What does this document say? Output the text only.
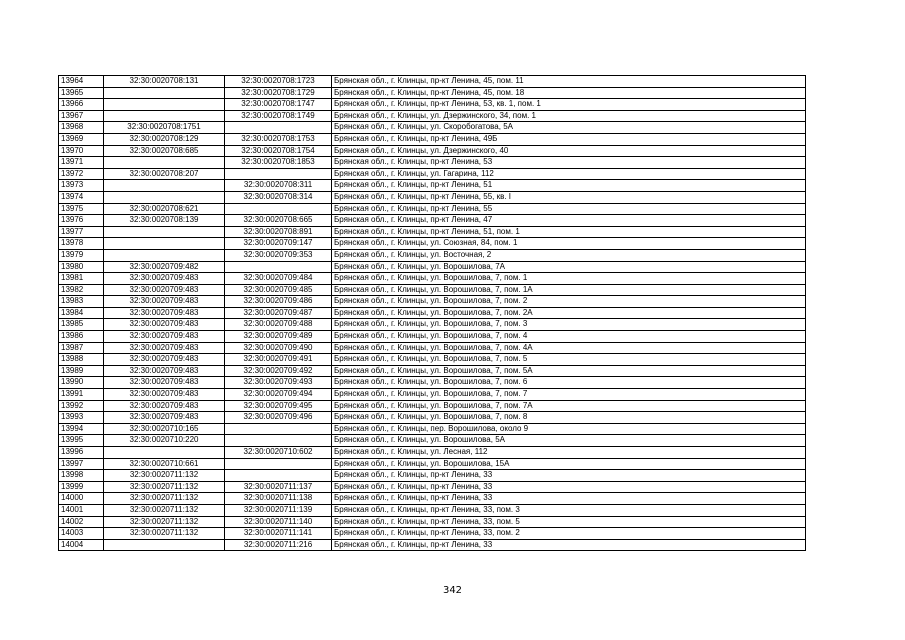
13964	32:30:0020708:131	32:30:0020708:1723	Брянская обл., г. Клинцы, пр-кт Ленина, 45, пом. 11
13965		32:30:0020708:1729	Брянская обл., г. Клинцы, пр-кт Ленина, 45, пом. 18
13966		32:30:0020708:1747	Брянская обл., г. Клинцы, пр-кт Ленина, 53, кв. 1, пом. 1
13967		32:30:0020708:1749	Брянская обл., г. Клинцы, ул. Дзержинского, 34, пом. 1
13968	32:30:0020708:1751		Брянская обл., г. Клинцы, ул. Скоробогатова, 5А
13969	32:30:0020708:129	32:30:0020708:1753	Брянская обл., г. Клинцы, пр-кт Ленина, 49Б
13970	32:30:0020708:685	32:30:0020708:1754	Брянская обл., г. Клинцы, ул. Дзержинского, 40
13971		32:30:0020708:1853	Брянская обл., г. Клинцы, пр-кт Ленина, 53
13972	32:30:0020708:207		Брянская обл., г. Клинцы, ул. Гагарина, 112
13973		32:30:0020708:311	Брянская обл., г. Клинцы, пр-кт Ленина, 51
13974		32:30:0020708:314	Брянская обл., г. Клинцы, пр-кт Ленина, 55, кв. I
13975	32:30:0020708:621		Брянская обл., г. Клинцы, пр-кт Ленина, 55
13976	32:30:0020708:139	32:30:0020708:665	Брянская обл., г. Клинцы, пр-кт Ленина, 47
13977		32:30:0020708:891	Брянская обл., г. Клинцы, пр-кт Ленина, 51, пом. 1
13978		32:30:0020709:147	Брянская обл., г. Клинцы, ул. Союзная, 84, пом. 1
13979		32:30:0020709:353	Брянская обл., г. Клинцы, ул. Восточная, 2
13980	32:30:0020709:482		Брянская обл., г. Клинцы, ул. Ворошилова, 7А
13981	32:30:0020709:483	32:30:0020709:484	Брянская обл., г. Клинцы, ул. Ворошилова, 7, пом. 1
13982	32:30:0020709:483	32:30:0020709:485	Брянская обл., г. Клинцы, ул. Ворошилова, 7, пом. 1А
13983	32:30:0020709:483	32:30:0020709:486	Брянская обл., г. Клинцы, ул. Ворошилова, 7, пом. 2
13984	32:30:0020709:483	32:30:0020709:487	Брянская обл., г. Клинцы, ул. Ворошилова, 7, пом. 2А
13985	32:30:0020709:483	32:30:0020709:488	Брянская обл., г. Клинцы, ул. Ворошилова, 7, пом. 3
13986	32:30:0020709:483	32:30:0020709:489	Брянская обл., г. Клинцы, ул. Ворошилова, 7, пом. 4
13987	32:30:0020709:483	32:30:0020709:490	Брянская обл., г. Клинцы, ул. Ворошилова, 7, пом. 4А
13988	32:30:0020709:483	32:30:0020709:491	Брянская обл., г. Клинцы, ул. Ворошилова, 7, пом. 5
13989	32:30:0020709:483	32:30:0020709:492	Брянская обл., г. Клинцы, ул. Ворошилова, 7, пом. 5А
13990	32:30:0020709:483	32:30:0020709:493	Брянская обл., г. Клинцы, ул. Ворошилова, 7, пом. 6
13991	32:30:0020709:483	32:30:0020709:494	Брянская обл., г. Клинцы, ул. Ворошилова, 7, пом. 7
13992	32:30:0020709:483	32:30:0020709:495	Брянская обл., г. Клинцы, ул. Ворошилова, 7, пом. 7А
13993	32:30:0020709:483	32:30:0020709:496	Брянская обл., г. Клинцы, ул. Ворошилова, 7, пом. 8
13994	32:30:0020710:165		Брянская обл., г. Клинцы, пер. Ворошилова, около 9
13995	32:30:0020710:220		Брянская обл., г. Клинцы, ул. Ворошилова, 5А
13996		32:30:0020710:602	Брянская обл., г. Клинцы, ул. Лесная, 112
13997	32:30:0020710:661		Брянская обл., г. Клинцы, ул. Ворошилова, 15А
13998	32:30:0020711:132		Брянская обл., г. Клинцы, пр-кт Ленина, 33
13999	32:30:0020711:132	32:30:0020711:137	Брянская обл., г. Клинцы, пр-кт Ленина, 33
14000	32:30:0020711:132	32:30:0020711:138	Брянская обл., г. Клинцы, пр-кт Ленина, 33
14001	32:30:0020711:132	32:30:0020711:139	Брянская обл., г. Клинцы, пр-кт Ленина, 33, пом. 3
14002	32:30:0020711:132	32:30:0020711:140	Брянская обл., г. Клинцы, пр-кт Ленина, 33, пом. 5
14003	32:30:0020711:132	32:30:0020711:141	Брянская обл., г. Клинцы, пр-кт Ленина, 33, пом. 2
14004		32:30:0020711:216	Брянская обл., г. Клинцы, пр-кт Ленина, 33
342
